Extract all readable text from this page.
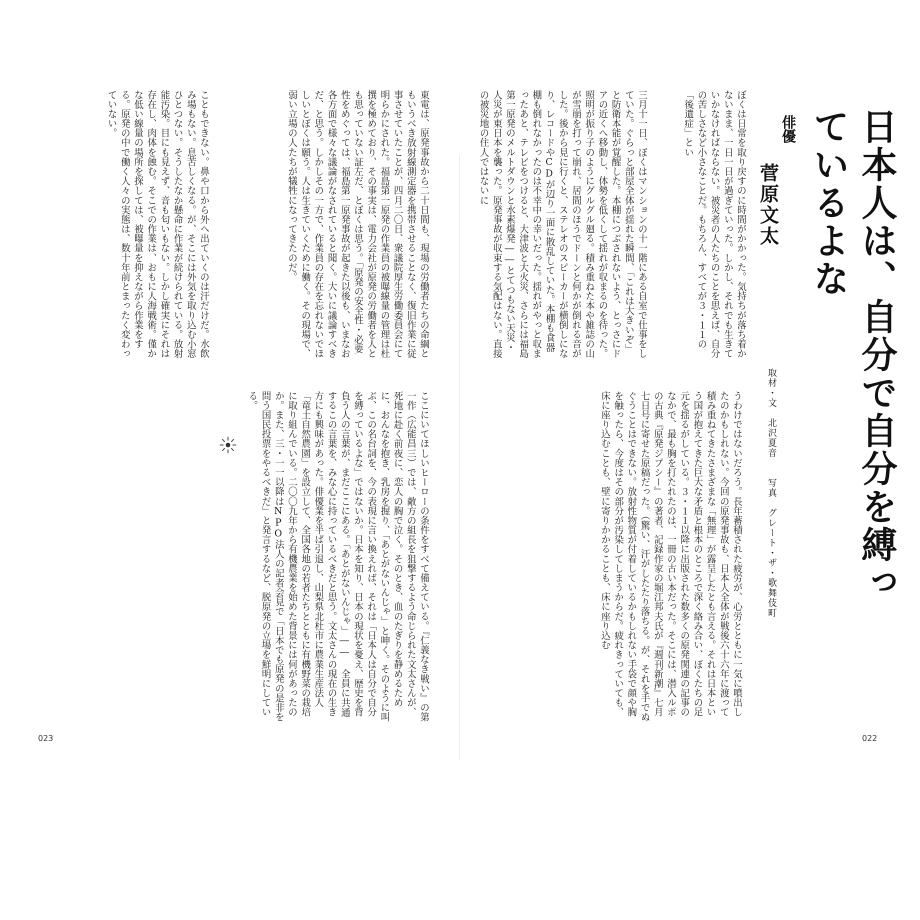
日本人は、自分で自分を縛っているよな
俳優
菅原文太
取材・文　北沢夏音　　写真　グレート・ザ・歌舞伎町
三月十一日、ぼくはマンションの十一階にある自室で仕事をしていた。ぐらっと部屋全体が揺れた瞬間、「これは大きいぞ」と防衛本能が覚醒した。本棚につぶされないよう、とっさにドアの近くへ移動し、体勢を低くして揺れが収まるのを待った。照明が振り子のようにグルグル廻る。積み重ねた本や雑誌の山が雪崩を打って崩れ、居間のほうでドーンと何かが倒れる音がした。後から見に行くと、ステレオのスピーカーが横倒しになり、レコードやCDが辺り一面に散乱していた。本棚も食器棚も倒れなかったのは不幸中の幸いだった。揺れがやっと収まったあと、テレビをつけると、大津波と大火災、さらには福島第一原発のメルトダウンと水素爆発――とてつもない天災・人災が東日本を襲った。原発事故が収束する気配はない。直接の被災地の住人ではないに	ぼくは日常を取り戻すのに時間がかかった。気持ちが落ち着かないまま、一日一日が過ぎていった。しかし、それでも生きていかなければならない。被災者の人たちのことを思えば、自分の苦しさなど小さなことだ。もちろん、すべてが３・１１の「後遺症」とい
うわけではないだろう。長年蓄積された疲労が、心労とともに一気に噴出したのかもしれない。今回の原発事故も、日本人全体が戦後六十六年に渡って積み重ねてきたさまざまな「無理」が露呈したとも言える。それは日本という国が抱えてきた巨大な矛盾と根本のところで深く絡み合い、ぼくたちの足元を揺るがしている。３・１１以降に出版された数多くの原発関連の記事のなかで、最も胸を打たれたのは、一冊の古い本だった。そこには、潜入ルポの古典『原発ジプシー』の著者、記録作家の堀江邦夫氏が『週刊新潮』七月七日号に寄せた原稿だった。（驚い、汗がしたたり落ちる。が、それを手でぬぐうことはできない。放射性物質が付着しているかもしれない手袋で顔や胸を触ったら、今度はその部分が汚染してしまうからだ。疲れきっていても、床に座り込むことも、壁に寄りかかることも、床に座り込む
東電は、原発事故から二十日間も、現場の労働者たちの命綱ともいうべき放射線測定器を携帯させることなく、復旧作業に従事させていたことが、四月二〇日、衆議院厚生労働委員会にて明らかにされた。福島第一原発の作業員の被曝線量の管理は杜撰を極めており、その事実は、電力会社が原発の労働者を人とも思っていない証左だ、とぼくは思う。「原発の安全性・必要性をめぐっては、福島第一原発事故が起きた以後も、いまなお各方面で様々な議論がなされていると聞く。大いに議論すべきだ、と思う。しかしその一方で、作業員の存在を忘れないでほしいとぼくは願う。人は生きていくために働く。その現場で、弱い立場の人たちが犠牲になってきたのだ。
こともできない。鼻や口から外へ出ていくのは汗だけだ。水飲み場もない。息苦しくなる。が、そこには外気を取り込む小窓ひとつない。そうしたなか懸命に作業が続けられている。放射能汚染。目にも見えず、音も匂いもない。しかし確実にそれは存在し、肉体を蝕む。そこでの作業は、おもに人海戦術。僅かな低い線量の場所を探しては、被曝量を抑えながら作業をする。原発の中で働く人々の実態は、数十年前とまったく変わっていない。
ここにいてほしいヒーローの条件をすべて備えている。『仁義なき戦い』の第一作（広能昌三）では、敵方の組長を狙撃するよう命じられた文太さんが、死地に赴く前夜に、恋人の胸で泣く。そのとき、血のたぎりを静めるために、おんなを抱き、乳房を握り、「あとがないんじゃ」と呻く。そのように叫ぶ、この名台詞を、今の表現に言い換えれば、それは「日本人は自分で自分を縛っているよな」ではないか。日本を知り、日本の現状を憂え、歴史を背負う人の言葉が、まだここにある。「あとがないんじゃ」―― 全員に共通するこの言葉を、みな心に持っているべきだと思う。文太さんの現在の生き方にも興味があった。俳優業を半ば引退し、山梨県北杜市に農業生産法人「竜土自然農園」を設立して、全国各地の若者たちとともに有機野菜の栽培に取り組んでいる。二〇〇九年から有機農業を始めた背景には何があったのか。また、三・一一以降はNPO法人の記者会見で「日本でも原発の是非を問う国民投票をやるべきだ」と発言するなど、脱原発の立場を鮮明にしている。
023	022
